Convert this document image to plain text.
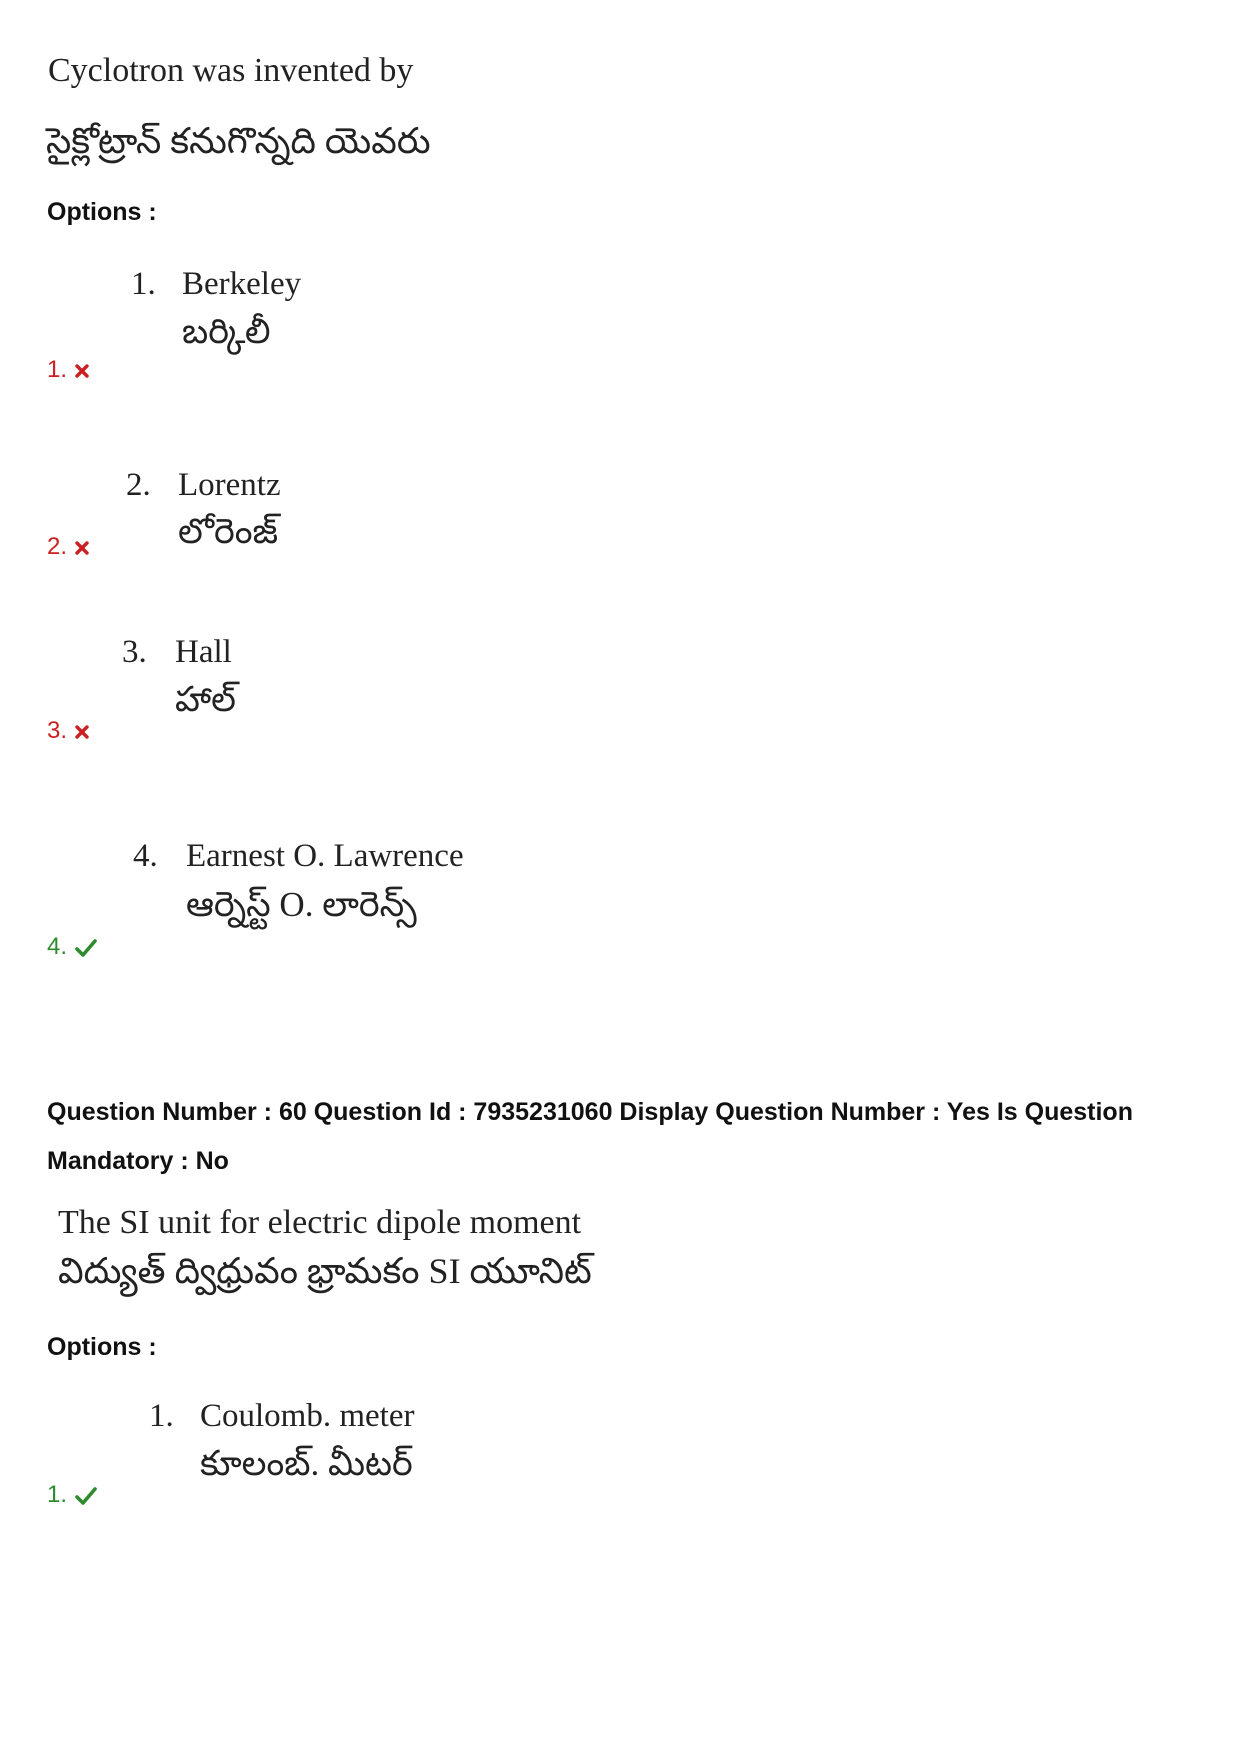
Cyclotron was invented by
సైక్లోట్రాన్ కనుగొన్నది యెవరు
Options :
1. Berkeley
బర్కిలీ
1.
2. Lorentz
లోరెంజ్
2.
3. Hall
హాల్
3.
4. Earnest O. Lawrence
ఆర్నెస్ట్ O. లారెన్స్
4.
Question Number : 60 Question Id : 7935231060 Display Question Number : Yes Is Question
Mandatory : No
The SI unit for electric dipole moment
విద్యుత్ ద్విధ్రువం భ్రామకం SI యూనిట్
Options :
1. Coulomb. meter
కూలంబ్. మీటర్
1.
